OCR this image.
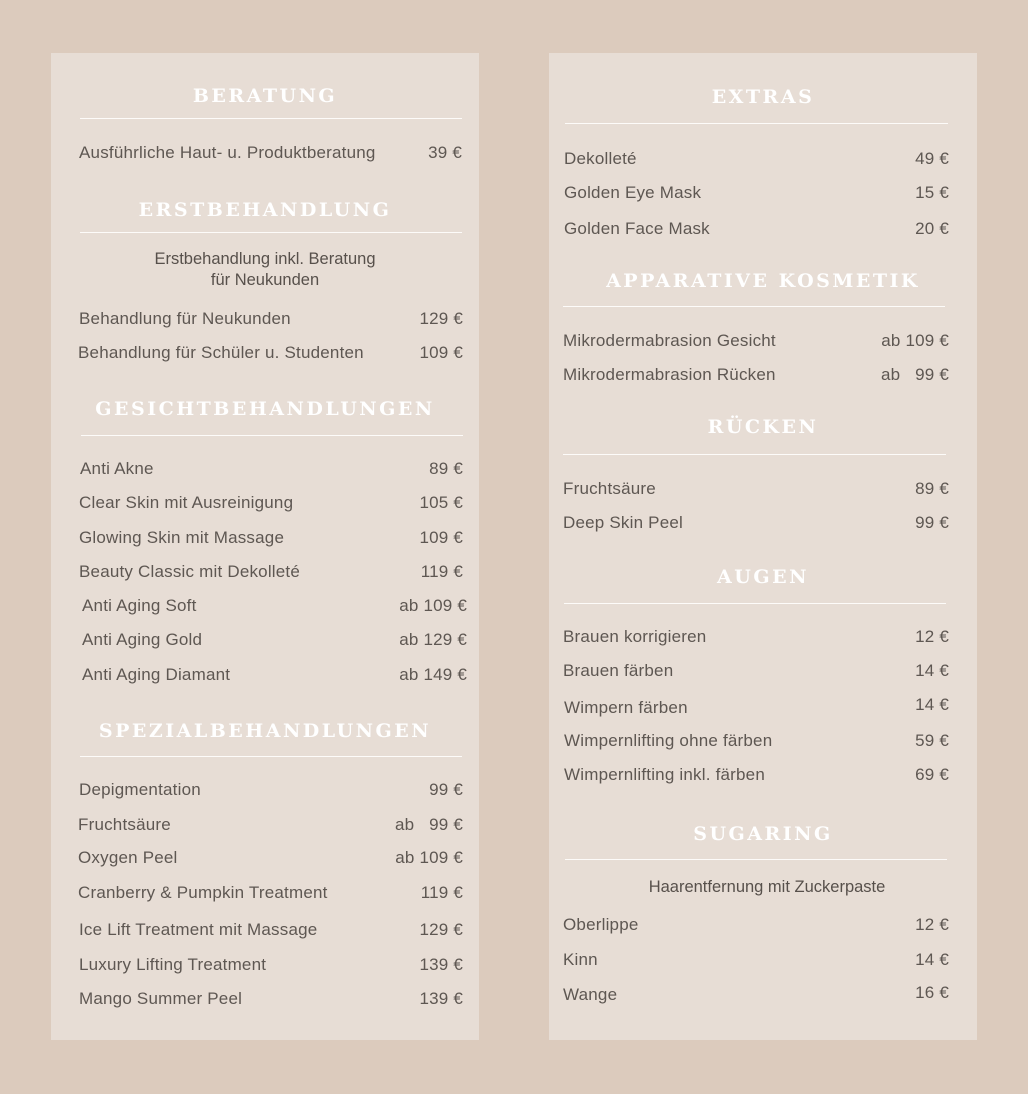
BERATUNG
Ausführliche Haut- u. Produktberatung	39 €
ERSTBEHANDLUNG
Erstbehandlung inkl. Beratung
für Neukunden
Behandlung für Neukunden	129 €
Behandlung für Schüler u. Studenten	109 €
GESICHTBEHANDLUNGEN
Anti Akne	89 €
Clear Skin mit Ausreinigung	105 €
Glowing Skin mit Massage	109 €
Beauty Classic mit Dekolleté	119 €
Anti Aging Soft	ab 109 €
Anti Aging Gold	ab 129 €
Anti Aging Diamant	ab 149 €
SPEZIALBEHANDLUNGEN
Depigmentation	99 €
Fruchtsäure	ab   99 €
Oxygen Peel	ab 109 €
Cranberry & Pumpkin Treatment	119 €
Ice Lift Treatment mit Massage	129 €
Luxury Lifting Treatment	139 €
Mango Summer Peel	139 €
EXTRAS
Dekolleté	49 €
Golden Eye Mask	15 €
Golden Face Mask	20 €
APPARATIVE KOSMETIK
Mikrodermabrasion Gesicht	ab 109 €
Mikrodermabrasion Rücken	ab   99 €
RÜCKEN
Fruchtsäure	89 €
Deep Skin Peel	99 €
AUGEN
Brauen korrigieren	12 €
Brauen färben	14 €
Wimpern färben	14 €
Wimpernlifting ohne färben	59 €
Wimpernlifting inkl. färben	69 €
SUGARING
Haarentfernung mit Zuckerpaste
Oberlippe	12 €
Kinn	14 €
Wange	16 €
